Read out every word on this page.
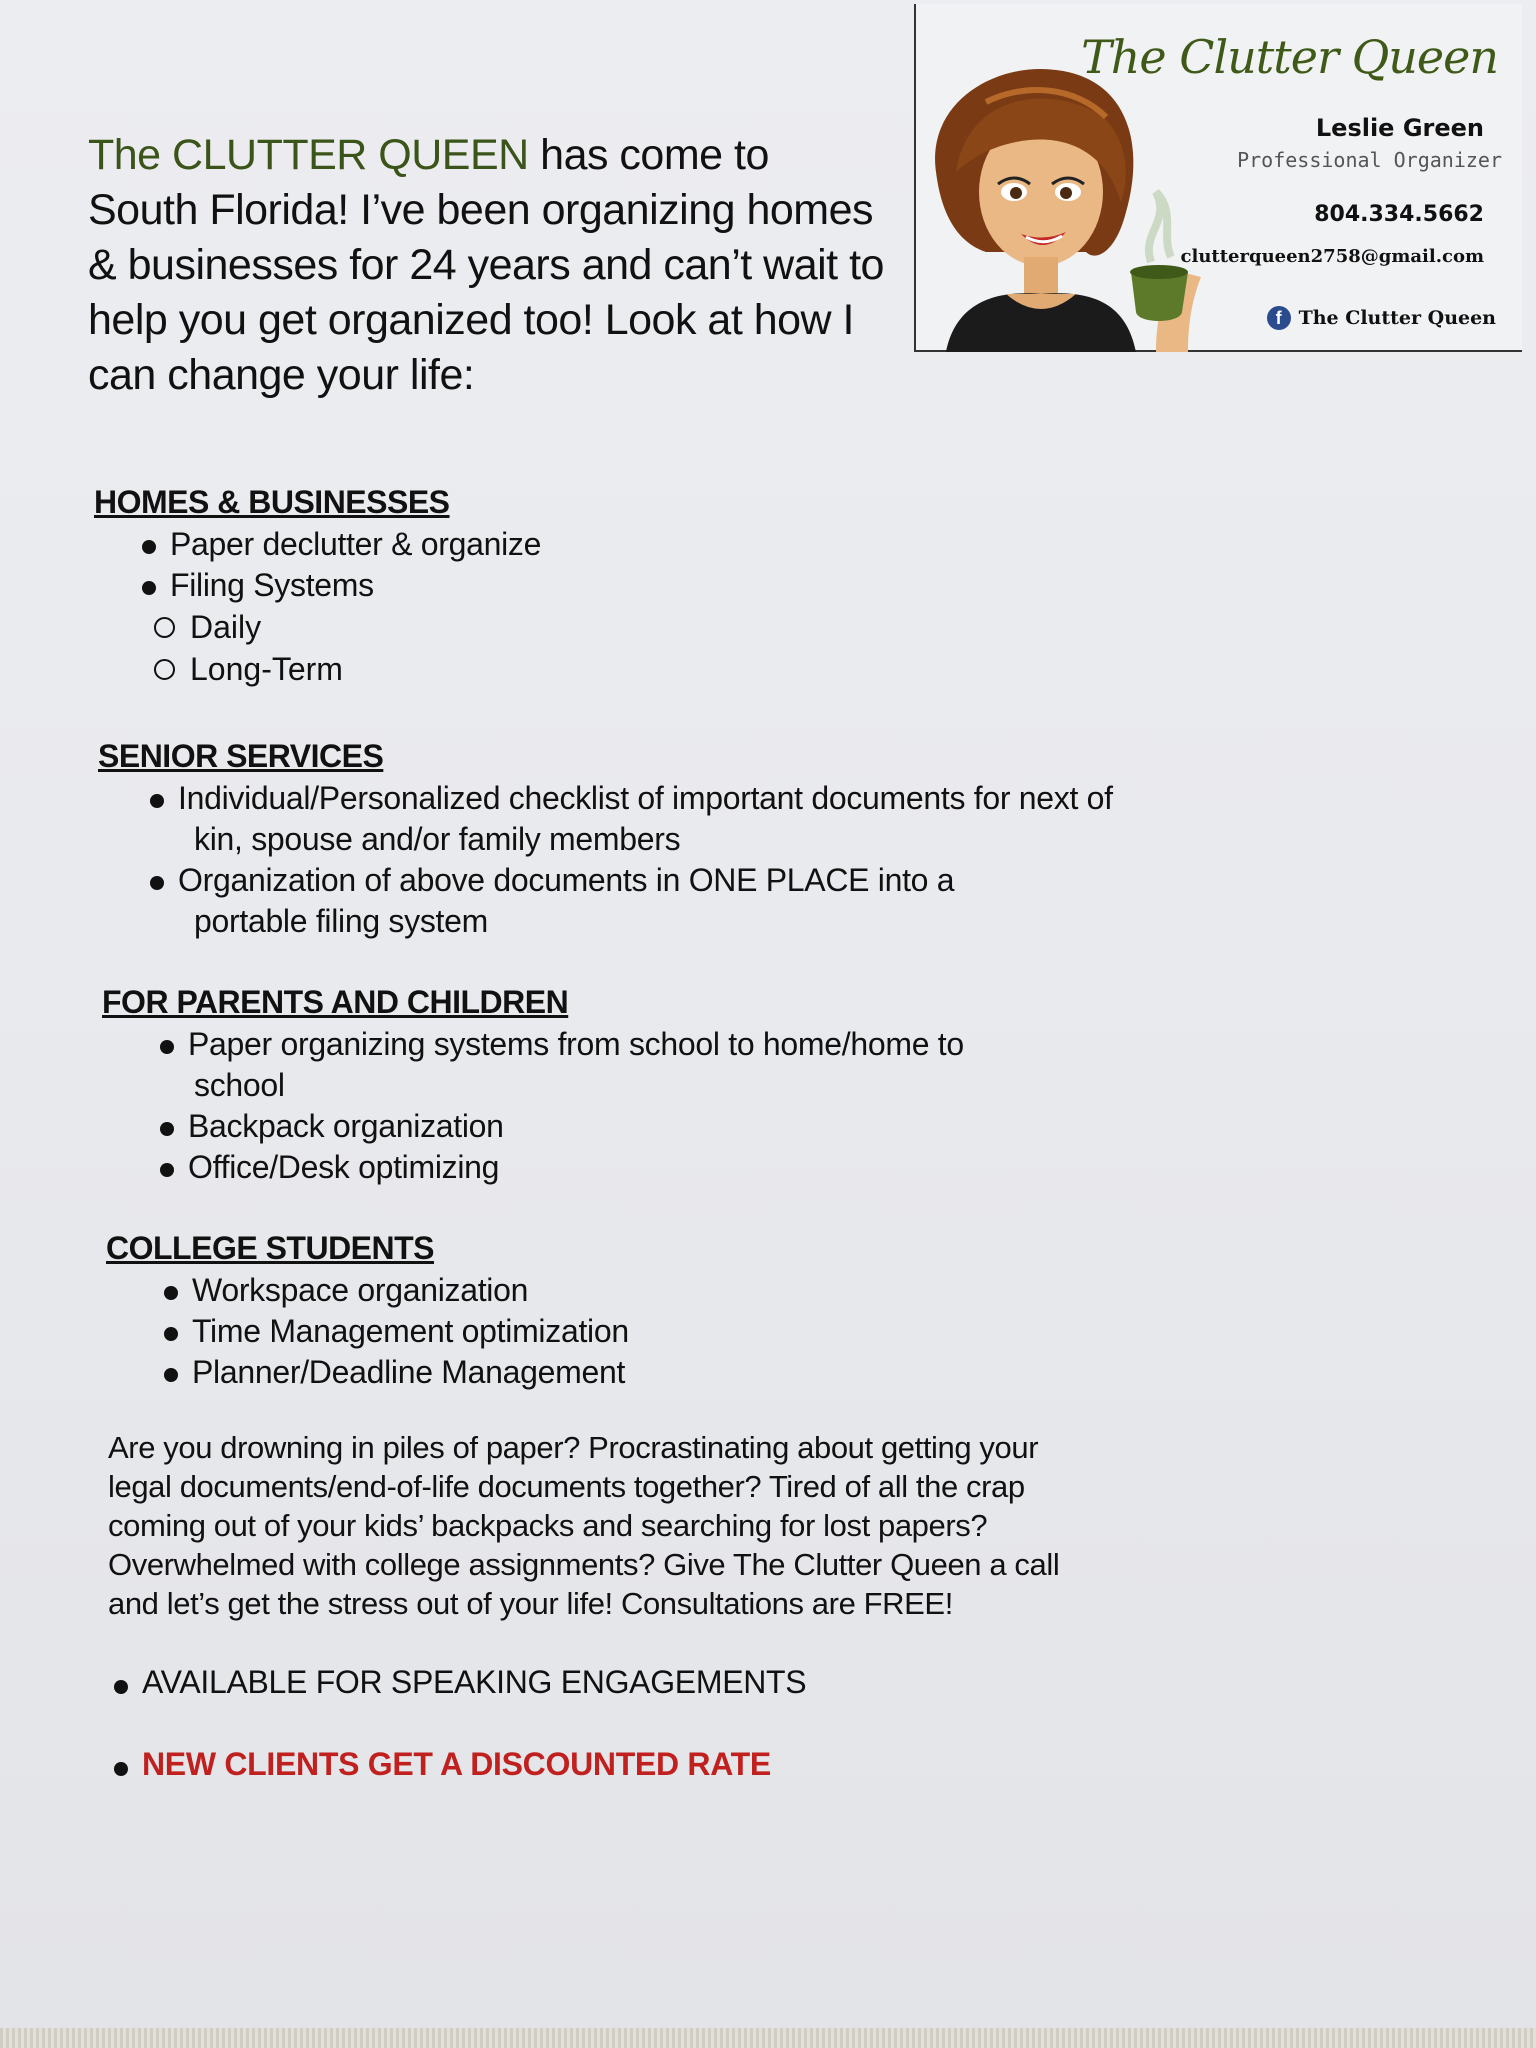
The Clutter Queen
Leslie Green
Professional Organizer
804.334.5662
clutterqueen2758@gmail.com
f The Clutter Queen
The CLUTTER QUEEN has come to South Florida! I’ve been organizing homes & businesses for 24 years and can’t wait to help you get organized too! Look at how I can change your life:
HOMES & BUSINESSES
Paper declutter & organize
Filing Systems
Daily
Long-Term
SENIOR SERVICES
Individual/Personalized checklist of important documents for next of
kin, spouse and/or family members
Organization of above documents in ONE PLACE into a
portable filing system
FOR PARENTS AND CHILDREN
Paper organizing systems from school to home/home to
school
Backpack organization
Office/Desk optimizing
COLLEGE STUDENTS
Workspace organization
Time Management optimization
Planner/Deadline Management
Are you drowning in piles of paper? Procrastinating about getting your
legal documents/end-of-life documents together? Tired of all the crap
coming out of your kids’ backpacks and searching for lost papers?
Overwhelmed with college assignments? Give The Clutter Queen a call
and let’s get the stress out of your life! Consultations are FREE!
AVAILABLE FOR SPEAKING ENGAGEMENTS
NEW CLIENTS GET A DISCOUNTED RATE
